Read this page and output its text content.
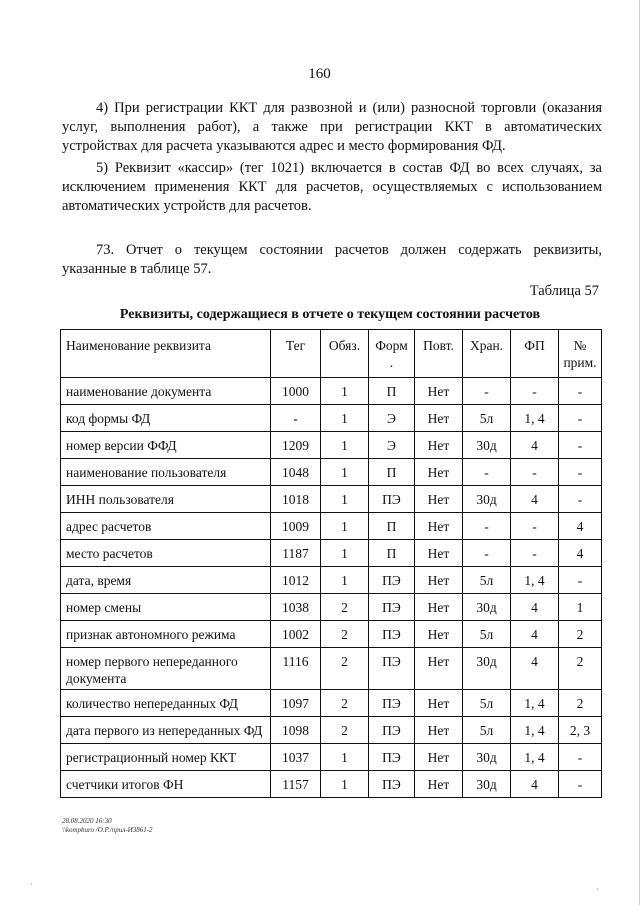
160

4) При регистрации ККТ для развозной и (или) разносной торговли (оказания услуг, выполнения работ), а также при регистрации ККТ в автоматических устройствах для расчета указываются адрес и место формирования ФД.

5) Реквизит «кассир» (тег 1021) включается в состав ФД во всех случаях, за исключением применения ККТ для расчетов, осуществляемых с использованием автоматических устройств для расчетов.

73. Отчет о текущем состоянии расчетов должен содержать реквизиты, указанные в таблице 57.

Таблица 57
Реквизиты, содержащиеся в отчете о текущем состоянии расчетов
Наименование реквизита	Тег	Обяз.	Форм .	Повт.	Хран.	ФП	№ прим.
наименование документа	1000	1	П	Нет	-	-	-
код формы ФД	-	1	Э	Нет	5л	1, 4	-
номер версии ФФД	1209	1	Э	Нет	30д	4	-
наименование пользователя	1048	1	П	Нет	-	-	-
ИНН пользователя	1018	1	ПЭ	Нет	30д	4	-
адрес расчетов	1009	1	П	Нет	-	-	4
место расчетов	1187	1	П	Нет	-	-	4
дата, время	1012	1	ПЭ	Нет	5л	1, 4	-
номер смены	1038	2	ПЭ	Нет	30д	4	1
признак автономного режима	1002	2	ПЭ	Нет	5л	4	2
номер первого непереданного документа	1116	2	ПЭ	Нет	30д	4	2
количество непереданных ФД	1097	2	ПЭ	Нет	5л	1, 4	2
дата первого из непереданных ФД	1098	2	ПЭ	Нет	5л	1, 4	2, 3
регистрационный номер ККТ	1037	1	ПЭ	Нет	30д	1, 4	-
счетчики итогов ФН	1157	1	ПЭ	Нет	30д	4	-
28.08.2020 16:30
\\kompburo /О.Р./прил-И3861-2
·
·
